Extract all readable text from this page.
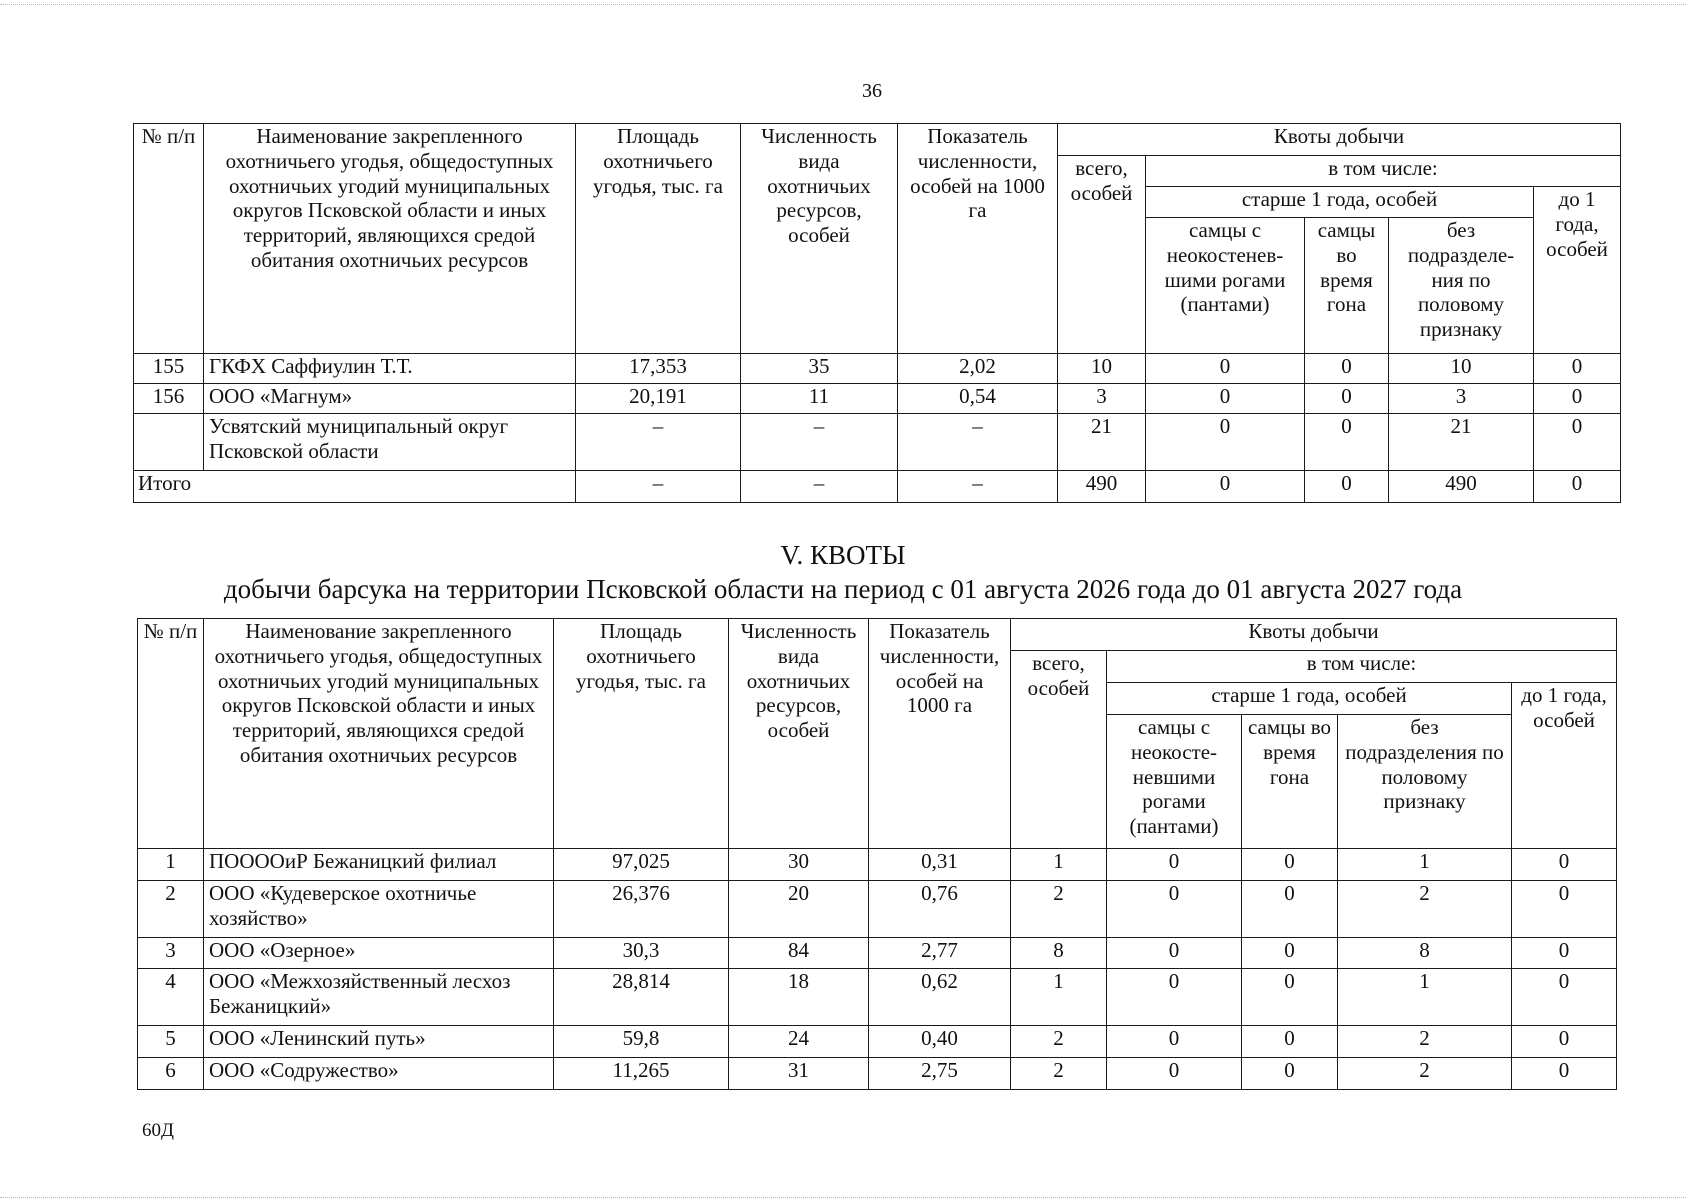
36
№ п/п	Наименование закрепленного охотничьего угодья, общедоступных охотничьих угодий муниципальных округов Псковской области и иных территорий, являющихся средой обитания охотничьих ресурсов	Площадь охотничьего угодья, тыс. га	Численность вида охотничьих ресурсов, особей	Показатель численности, особей на 1000 га	Квоты добычи				
					всего, особей	в том числе:			
						старше 1 года, особей			до 1 года, особей
						самцы с неокостенев-шими рогами (пантами)	самцы во время гона	без подразделе-ния по половому признаку	
155	ГКФХ Саффиулин Т.Т.	17,353	35	2,02	10	0	0	10	0
156	ООО «Магнум»	20,191	11	0,54	3	0	0	3	0
	Усвятский муниципальный округ Псковской области	–	–	–	21	0	0	21	0
Итого		–	–	–	490	0	0	490	0
V. КВОТЫ
добычи барсука на территории Псковской области на период с 01 августа 2026 года до 01 августа 2027 года
№ п/п	Наименование закрепленного охотничьего угодья, общедоступных охотничьих угодий муниципальных округов Псковской области и иных территорий, являющихся средой обитания охотничьих ресурсов	Площадь охотничьего угодья, тыс. га	Численность вида охотничьих ресурсов, особей	Показатель численности, особей на 1000 га	Квоты добычи				
					всего, особей	в том числе:			
						старше 1 года, особей			до 1 года, особей
						самцы с неокосте-невшими рогами (пантами)	самцы во время гона	без подразделения по половому признаку	
1	ПООООиР Бежаницкий филиал	97,025	30	0,31	1	0	0	1	0
2	ООО «Кудеверское охотничье хозяйство»	26,376	20	0,76	2	0	0	2	0
3	ООО «Озерное»	30,3	84	2,77	8	0	0	8	0
4	ООО «Межхозяйственный лесхоз Бежаницкий»	28,814	18	0,62	1	0	0	1	0
5	ООО «Ленинский путь»	59,8	24	0,40	2	0	0	2	0
6	ООО «Содружество»	11,265	31	2,75	2	0	0	2	0
60Д
